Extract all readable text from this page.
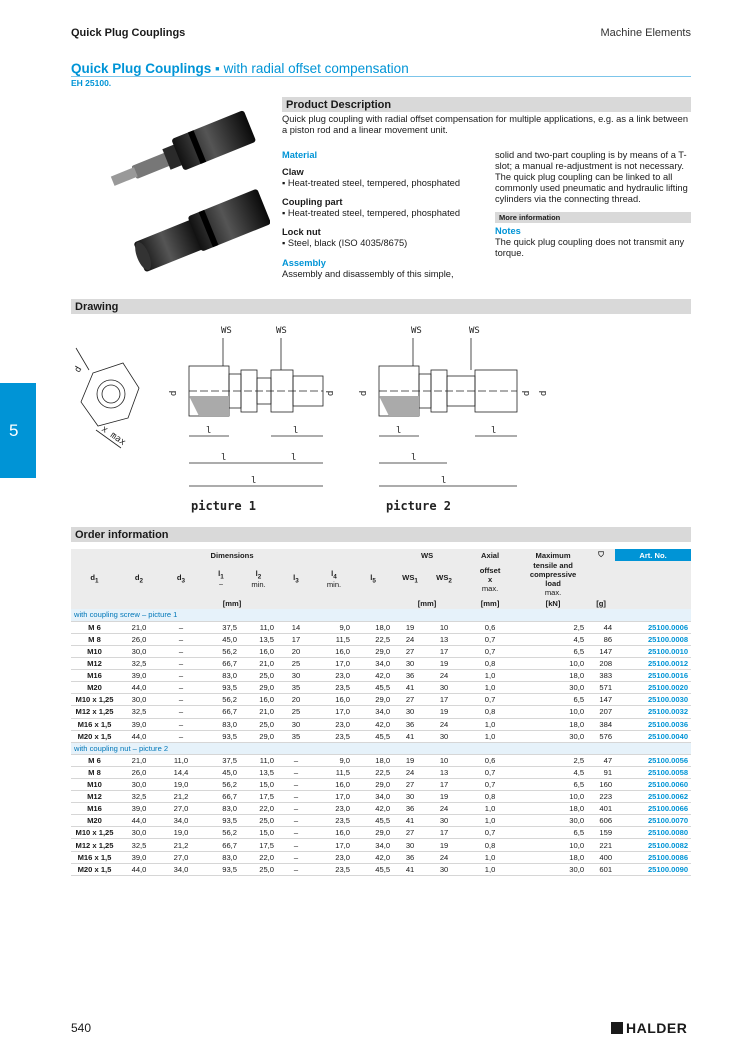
Quick Plug Couplings	Machine Elements
Quick Plug Couplings ▪ with radial offset compensation
EH 25100.
Product Description
Quick plug coupling with radial offset compensation for multiple applications, e.g. as a link between a piston rod and a linear movement unit.
Material
Claw
▪ Heat-treated steel, tempered, phosphated
Coupling part
▪ Heat-treated steel, tempered, phosphated
Lock nut
▪ Steel, black (ISO 4035/8675)
Assembly
Assembly and disassembly of this simple,
solid and two-part coupling is by means of a T-slot; a manual re-adjustment is not necessary.
The quick plug coupling can be linked to all commonly used pneumatic and hydraulic lifting cylinders via the connecting thread.
More information
Notes
The quick plug coupling does not transmit any torque.
Drawing
WS	WS	WS	WS
d
x max
d	d	d	d d
l	l
l	l
l
l	l
l
l
picture 1	picture 2
Order information
Dimensions								WS		Axial	Maximum	⛉	Art. No.
$d_1$	$d_2$	$d_3$	$l_1$
~	$l_2$
min.	$l_3$	$l_4$
min.	$l_5$	$WS_1$	$WS_2$	offset
x
max.	tensile and
compressive
load
max.		
[mm]								[mm]		[mm]	[kN]	[g]	
with coupling screw – picture 1													
M 6	21,0	–	37,5	11,0	14	9,0	18,0	19	10	0,6	2,5	44	25100.0006
M 8	26,0	–	45,0	13,5	17	11,5	22,5	24	13	0,7	4,5	86	25100.0008
M10	30,0	–	56,2	16,0	20	16,0	29,0	27	17	0,7	6,5	147	25100.0010
M12	32,5	–	66,7	21,0	25	17,0	34,0	30	19	0,8	10,0	208	25100.0012
M16	39,0	–	83,0	25,0	30	23,0	42,0	36	24	1,0	18,0	383	25100.0016
M20	44,0	–	93,5	29,0	35	23,5	45,5	41	30	1,0	30,0	571	25100.0020
M10 x 1,25	30,0	–	56,2	16,0	20	16,0	29,0	27	17	0,7	6,5	147	25100.0030
M12 x 1,25	32,5	–	66,7	21,0	25	17,0	34,0	30	19	0,8	10,0	207	25100.0032
M16 x 1,5	39,0	–	83,0	25,0	30	23,0	42,0	36	24	1,0	18,0	384	25100.0036
M20 x 1,5	44,0	–	93,5	29,0	35	23,5	45,5	41	30	1,0	30,0	576	25100.0040
with coupling nut – picture 2													
M 6	21,0	11,0	37,5	11,0	–	9,0	18,0	19	10	0,6	2,5	47	25100.0056
M 8	26,0	14,4	45,0	13,5	–	11,5	22,5	24	13	0,7	4,5	91	25100.0058
M10	30,0	19,0	56,2	15,0	–	16,0	29,0	27	17	0,7	6,5	160	25100.0060
M12	32,5	21,2	66,7	17,5	–	17,0	34,0	30	19	0,8	10,0	223	25100.0062
M16	39,0	27,0	83,0	22,0	–	23,0	42,0	36	24	1,0	18,0	401	25100.0066
M20	44,0	34,0	93,5	25,0	–	23,5	45,5	41	30	1,0	30,0	606	25100.0070
M10 x 1,25	30,0	19,0	56,2	15,0	–	16,0	29,0	27	17	0,7	6,5	159	25100.0080
M12 x 1,25	32,5	21,2	66,7	17,5	–	17,0	34,0	30	19	0,8	10,0	221	25100.0082
M16 x 1,5	39,0	27,0	83,0	22,0	–	23,0	42,0	36	24	1,0	18,0	400	25100.0086
M20 x 1,5	44,0	34,0	93,5	25,0	–	23,5	45,5	41	30	1,0	30,0	601	25100.0090
5
540	HALDER
